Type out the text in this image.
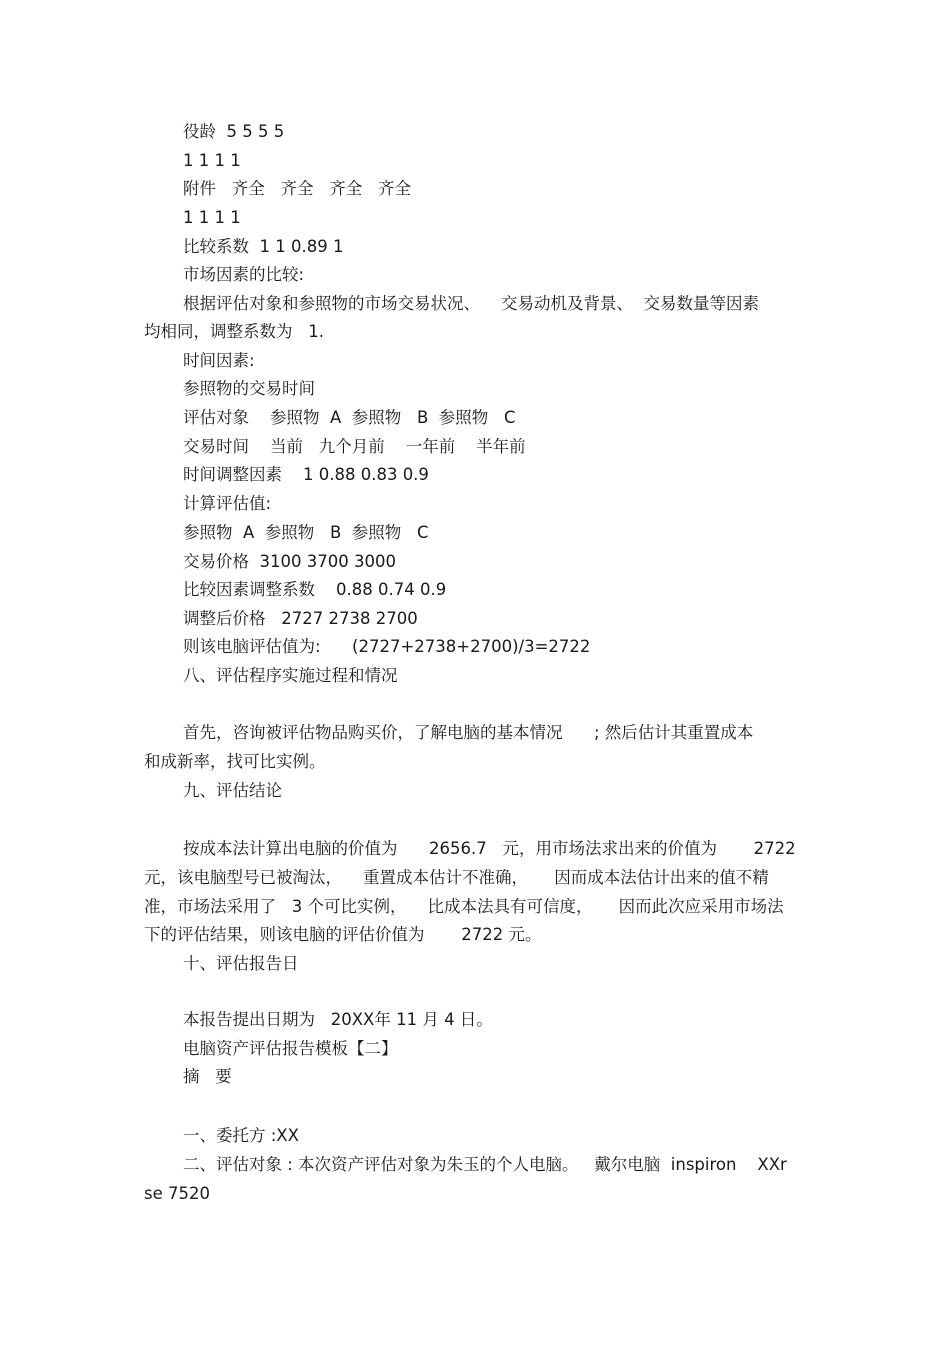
役龄  5 5 5 5
1 1 1 1
附件   齐全   齐全   齐全   齐全
1 1 1 1
比较系数  1 1 0.89 1
市场因素的比较:
根据评估对象和参照物的市场交易状况、    交易动机及背景、  交易数量等因素
均相同，调整系数为   1.
时间因素:
参照物的交易时间
评估对象    参照物  A  参照物   B  参照物   C
交易时间    当前   九个月前    一年前    半年前
时间调整因素    1 0.88 0.83 0.9
计算评估值:
参照物  A  参照物   B  参照物   C
交易价格  3100 3700 3000
比较因素调整系数    0.88 0.74 0.9
调整后价格   2727 2738 2700
则该电脑评估值为:      (2727+2738+2700)/3=2722
八、评估程序实施过程和情况
首先，咨询被评估物品购买价，了解电脑的基本情况      ; 然后估计其重置成本
和成新率，找可比实例。
九、评估结论
按成本法计算出电脑的价值为      2656.7   元，用市场法求出来的价值为       2722
元，该电脑型号已被淘汰，    重置成本估计不准确，     因而成本法估计出来的值不精
准，市场法采用了   3 个可比实例，    比成本法具有可信度，     因而此次应采用市场法
下的评估结果，则该电脑的评估价值为       2722 元。
十、评估报告日
本报告提出日期为   20XX年 11 月 4 日。
电脑资产评估报告模板【二】
摘   要
一、委托方 :XX
二、评估对象 : 本次资产评估对象为朱玉的个人电脑。   戴尔电脑  inspiron    XXr
se 7520
